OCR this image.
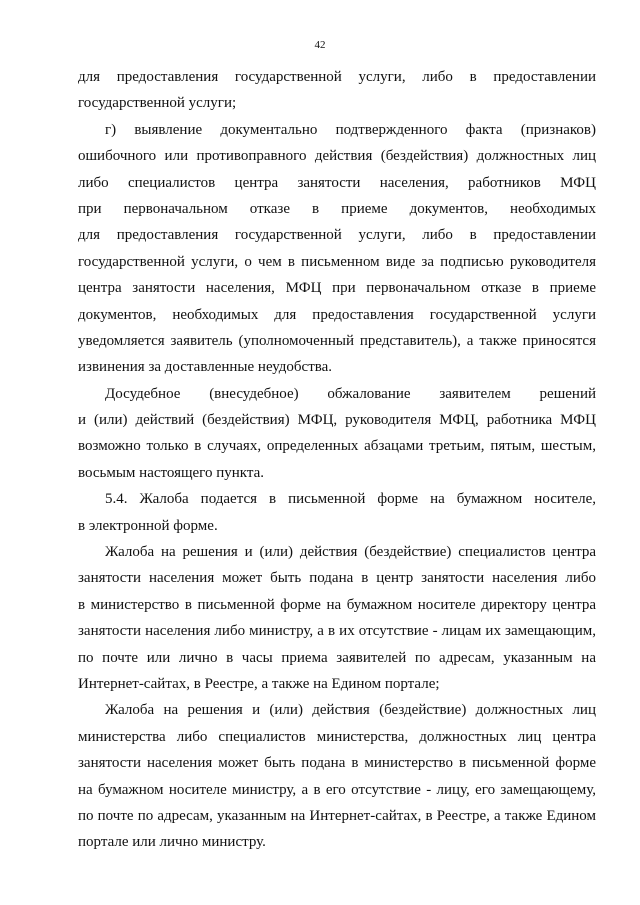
42
для предоставления государственной услуги, либо в предоставлении
государственной услуги;
г) выявление документально подтвержденного факта (признаков)
ошибочного или противоправного действия (бездействия) должностных лиц
либо специалистов центра занятости населения, работников МФЦ
при первоначальном отказе в приеме документов, необходимых
для предоставления государственной услуги, либо в предоставлении
государственной услуги, о чем в письменном виде за подписью руководителя
центра занятости населения, МФЦ при первоначальном отказе в приеме
документов, необходимых для предоставления государственной услуги
уведомляется заявитель (уполномоченный представитель), а также приносятся
извинения за доставленные неудобства.
Досудебное (внесудебное) обжалование заявителем решений
и (или) действий (бездействия) МФЦ, руководителя МФЦ, работника МФЦ
возможно только в случаях, определенных абзацами третьим, пятым, шестым,
восьмым настоящего пункта.
5.4. Жалоба подается в письменной форме на бумажном носителе,
в электронной форме.
Жалоба на решения и (или) действия (бездействие) специалистов центра
занятости населения может быть подана в центр занятости населения либо
в министерство в письменной форме на бумажном носителе директору центра
занятости населения либо министру, а в их отсутствие - лицам их замещающим,
по почте или лично в часы приема заявителей по адресам, указанным на
Интернет-сайтах, в Реестре, а также на Едином портале;
Жалоба на решения и (или) действия (бездействие) должностных лиц
министерства либо специалистов министерства, должностных лиц центра
занятости населения может быть подана в министерство в письменной форме
на бумажном носителе министру, а в его отсутствие - лицу, его замещающему,
по почте по адресам, указанным на Интернет-сайтах, в Реестре, а также Едином
портале или лично министру.
